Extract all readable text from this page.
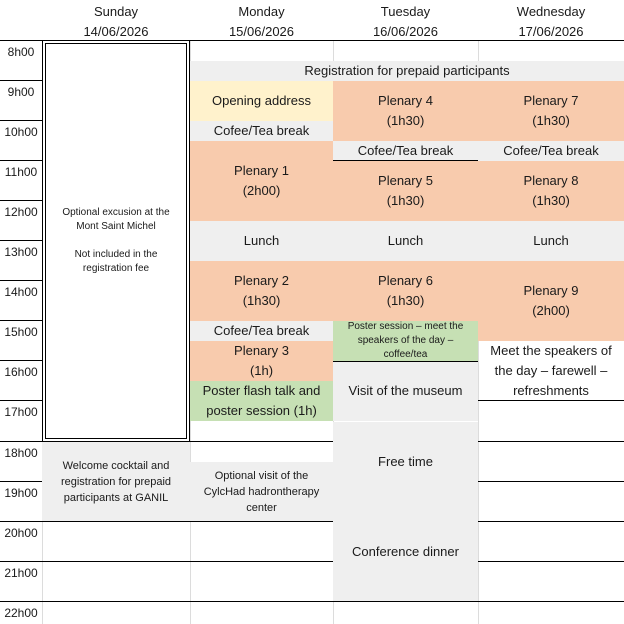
Sunday
14/06/2026
Monday
15/06/2026
Tuesday
16/06/2026
Wednesday
17/06/2026
8h00
9h00
10h00
11h00
12h00
13h00
14h00
15h00
16h00
17h00
18h00
19h00
20h00
21h00
22h00
Optional excusion at the Mont Saint Michel
Not included in the registration fee
Welcome cocktail and registration for prepaid participants at GANIL
Registration for prepaid participants
Opening address
Cofee/Tea break
Plenary 1
(2h00)
Lunch
Plenary 2
(1h30)
Cofee/Tea break
Plenary 3
(1h)
Poster flash talk and poster session (1h)
Optional visit of the CylcHad hadrontherapy center
Plenary 4
(1h30)
Cofee/Tea break
Plenary 5
(1h30)
Lunch
Plenary 6
(1h30)
Poster session – meet the speakers of the day – coffee/tea
Visit of the museum
Free time
Conference dinner
Plenary 7
(1h30)
Cofee/Tea break
Plenary 8
(1h30)
Lunch
Plenary 9
(2h00)
Meet the speakers of the day – farewell – refreshments
